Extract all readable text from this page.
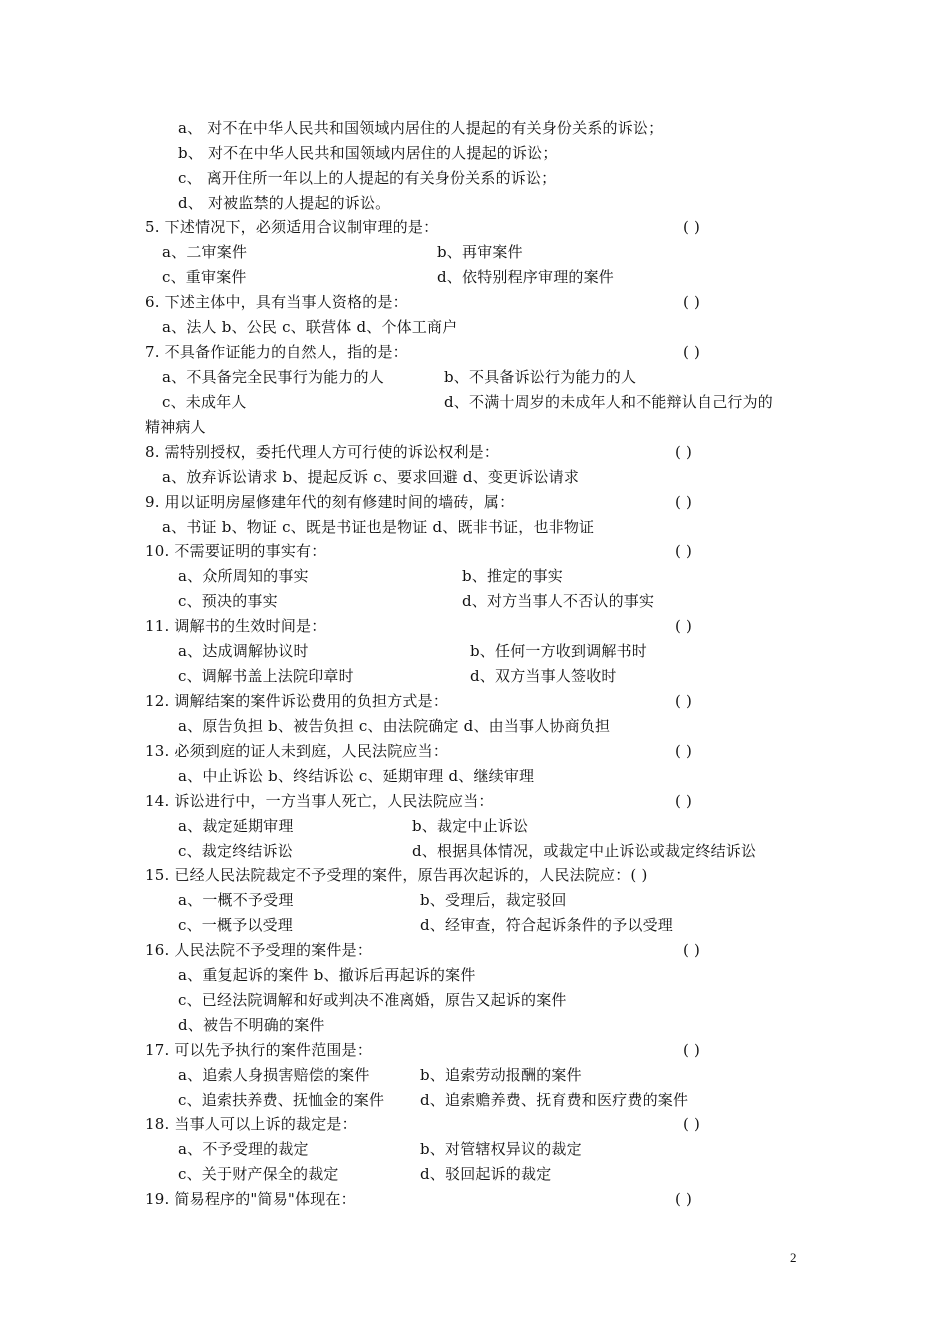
a、 对不在中华人民共和国领域内居住的人提起的有关身份关系的诉讼；
b、 对不在中华人民共和国领域内居住的人提起的诉讼；
c、 离开住所一年以上的人提起的有关身份关系的诉讼；
d、 对被监禁的人提起的诉讼。
5. 下述情况下，必须适用合议制审理的是：	( )
a、二审案件	b、再审案件
c、重审案件	d、依特别程序审理的案件
6. 下述主体中，具有当事人资格的是：	( )
a、法人 b、公民 c、联营体 d、个体工商户
7. 不具备作证能力的自然人，指的是：	( )
a、不具备完全民事行为能力的人	b、不具备诉讼行为能力的人
c、未成年人	d、不满十周岁的未成年人和不能辩认自己行为的
精神病人
8. 需特别授权，委托代理人方可行使的诉讼权利是：	( )
a、放弃诉讼请求 b、提起反诉 c、要求回避 d、变更诉讼请求
9. 用以证明房屋修建年代的刻有修建时间的墙砖，属：	( )
a、书证 b、物证 c、既是书证也是物证 d、既非书证，也非物证
10. 不需要证明的事实有：	( )
a、众所周知的事实	b、推定的事实
c、预决的事实	d、对方当事人不否认的事实
11. 调解书的生效时间是：	( )
a、达成调解协议时	b、任何一方收到调解书时
c、调解书盖上法院印章时	d、双方当事人签收时
12. 调解结案的案件诉讼费用的负担方式是：	( )
a、原告负担 b、被告负担 c、由法院确定 d、由当事人协商负担
13. 必须到庭的证人未到庭，人民法院应当：	( )
a、中止诉讼 b、终结诉讼 c、延期审理 d、继续审理
14. 诉讼进行中，一方当事人死亡，人民法院应当：	( )
a、裁定延期审理	b、裁定中止诉讼
c、裁定终结诉讼	d、根据具体情况，或裁定中止诉讼或裁定终结诉讼
15. 已经人民法院裁定不予受理的案件，原告再次起诉的，人民法院应：( )
a、一概不予受理	b、受理后，裁定驳回
c、一概予以受理	d、经审查，符合起诉条件的予以受理
16. 人民法院不予受理的案件是：	( )
a、重复起诉的案件 b、撤诉后再起诉的案件
c、已经法院调解和好或判决不准离婚，原告又起诉的案件
d、被告不明确的案件
17. 可以先予执行的案件范围是：	( )
a、追索人身损害赔偿的案件	b、追索劳动报酬的案件
c、追索扶养费、抚恤金的案件 d、追索赡养费、抚育费和医疗费的案件
18. 当事人可以上诉的裁定是：	( )
a、不予受理的裁定	b、对管辖权异议的裁定
c、关于财产保全的裁定	d、驳回起诉的裁定
19. 简易程序的"简易"体现在：	( )
2
